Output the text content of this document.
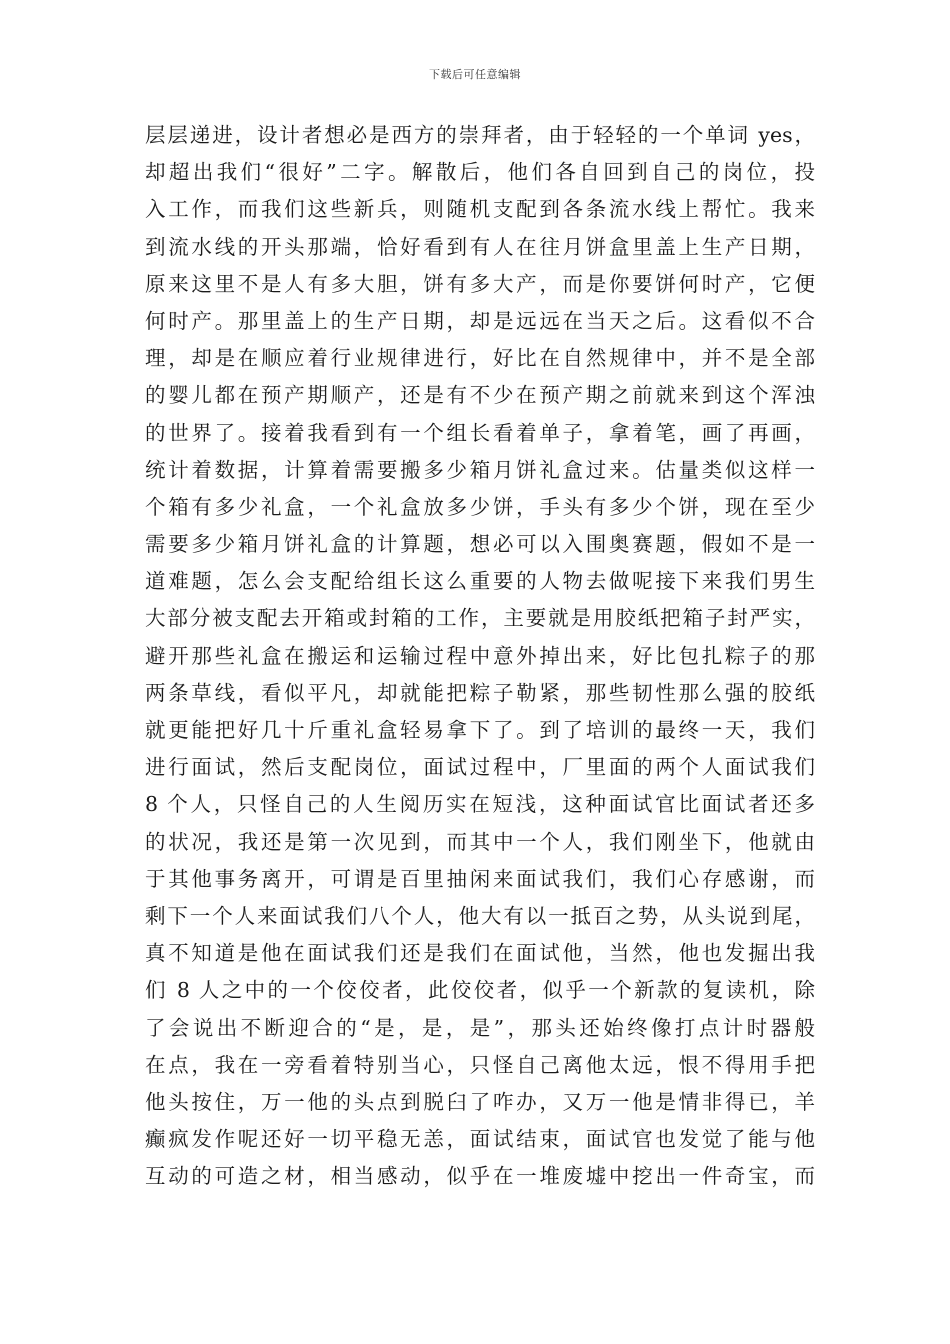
下载后可任意编辑
层层递进，设计者想必是西方的崇拜者，由于轻轻的一个单词 yes，
却超出我们“很好”二字。解散后，他们各自回到自己的岗位，投
入工作，而我们这些新兵，则随机支配到各条流水线上帮忙。我来
到流水线的开头那端，恰好看到有人在往月饼盒里盖上生产日期，
原来这里不是人有多大胆，饼有多大产，而是你要饼何时产，它便
何时产。那里盖上的生产日期，却是远远在当天之后。这看似不合
理，却是在顺应着行业规律进行，好比在自然规律中，并不是全部
的婴儿都在预产期顺产，还是有不少在预产期之前就来到这个浑浊
的世界了。接着我看到有一个组长看着单子，拿着笔，画了再画，
统计着数据，计算着需要搬多少箱月饼礼盒过来。估量类似这样一
个箱有多少礼盒，一个礼盒放多少饼，手头有多少个饼，现在至少
需要多少箱月饼礼盒的计算题，想必可以入围奥赛题，假如不是一
道难题，怎么会支配给组长这么重要的人物去做呢接下来我们男生
大部分被支配去开箱或封箱的工作，主要就是用胶纸把箱子封严实，
避开那些礼盒在搬运和运输过程中意外掉出来，好比包扎粽子的那
两条草线，看似平凡，却就能把粽子勒紧，那些韧性那么强的胶纸
就更能把好几十斤重礼盒轻易拿下了。到了培训的最终一天，我们
进行面试，然后支配岗位，面试过程中，厂里面的两个人面试我们
8 个人，只怪自己的人生阅历实在短浅，这种面试官比面试者还多
的状况，我还是第一次见到，而其中一个人，我们刚坐下，他就由
于其他事务离开，可谓是百里抽闲来面试我们，我们心存感谢，而
剩下一个人来面试我们八个人，他大有以一抵百之势，从头说到尾，
真不知道是他在面试我们还是我们在面试他，当然，他也发掘出我
们 8 人之中的一个佼佼者，此佼佼者，似乎一个新款的复读机，除
了会说出不断迎合的“是，是，是”，那头还始终像打点计时器般
在点，我在一旁看着特别当心，只怪自己离他太远，恨不得用手把
他头按住，万一他的头点到脱臼了咋办，又万一他是情非得已，羊
癫疯发作呢还好一切平稳无恙，面试结束，面试官也发觉了能与他
互动的可造之材，相当感动，似乎在一堆废墟中挖出一件奇宝，而
